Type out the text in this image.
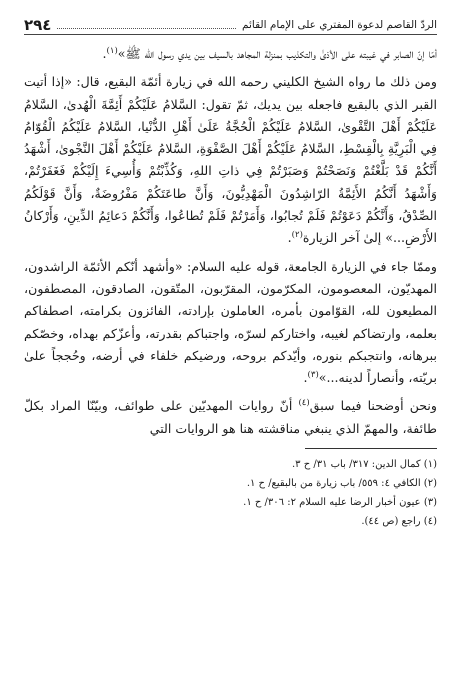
الردّ القاصم لدعوة المفتري على الإمام القائم
٢٩٤

أمّا إنّ الصابر في غيبته على الأذىٰ والتكذيب بمنزلة المجاهد بالسيف بين يدي رسول الله ﷺ»$^{(١)}$.

ومن ذلك ما رواه الشيخ الكليني رحمه الله في زيارة أئمّة البقيع، قال: «إذا أتيت القبر الذي بالبقيع فاجعله بين يديك، ثمّ تقول: السَّلامُ عَلَيْكُمْ أَئِمَّةَ الْهُدىٰ، السَّلامُ عَلَيْكُمْ أَهْلَ التَّقْوىٰ، السَّلامُ عَلَيْكُمْ الْحُجَّةُ عَلَىٰ أَهْلِ الدُّنْيا، السَّلامُ عَلَيْكُمُ الْقُوّامُ فِي الْبَرِيَّةِ بِالْقِسْطِ، السَّلامُ عَلَيْكُمْ أَهْلَ الصَّفْوَةِ، السَّلامُ عَلَيْكُمْ أَهْلَ النَّجْوىٰ، أَشْهَدُ أَنَّكُمْ قَدْ بَلَّغْتُمْ وَنَصَحْتُمْ وَصَبَرْتُمْ فِي ذاتِ اللهِ، وَكُذِّبْتُمْ وَأُسِيءَ إِلَيْكُمْ فَغَفَرْتُمْ، وَأَشْهَدُ أَنَّكُمُ الأَئِمَّةُ الرّاشِدُونَ الْمَهْدِيُّونَ، وَأَنَّ طاعَتَكُمْ مَفْرُوضَةٌ، وَأَنَّ قَوْلَكُمُ الصِّدْقُ، وَأَنَّكُمْ دَعَوْتُمْ فَلَمْ تُجابُوا، وَأَمَرْتُمْ فَلَمْ تُطاعُوا، وَأَنَّكُمْ دَعائِمُ الدِّينِ، وَأَرْكانُ الأَرْضِ...» إلىٰ آخر الزيارة$^{(٢)}$.

وممّا جاء في الزيارة الجامعة، قوله عليه السلام: «وأشهد أنّكم الأئمّة الراشدون، المهديّون، المعصومون، المكرّمون، المقرّبون، المتّقون، الصادقون، المصطفون، المطيعون لله، القوّامون بأمره، العاملون بإرادته، الفائزون بكرامته، اصطفاكم بعلمه، وارتضاكم لغيبه، واختاركم لسرّه، واجتباكم بقدرته، وأعزّكم بهداه، وخصّكم ببرهانه، وانتجبكم بنوره، وأيّدكم بروحه، ورضيكم خلفاء في أرضه، وحُججاً علىٰ بريّته، وأنصاراً لدينه...»$^{(٣)}$.

ونحن أوضحنا فيما سبق$^{(٤)}$ أنّ روايات المهديّين على طوائف، وبيّنّا المراد بكلّ طائفة، والمهمّ الذي ينبغي مناقشته هنا هو الروايات التي

(١) كمال الدين: ٣١٧/ باب ٣١/ ح ٣.
(٢) الكافي ٤: ٥٥٩/ باب زيارة من بالبقيع/ ح ١.
(٣) عيون أخبار الرضا عليه السلام ٢: ٣٠٦/ ح ١.
(٤) راجع (ص ٤٤).
